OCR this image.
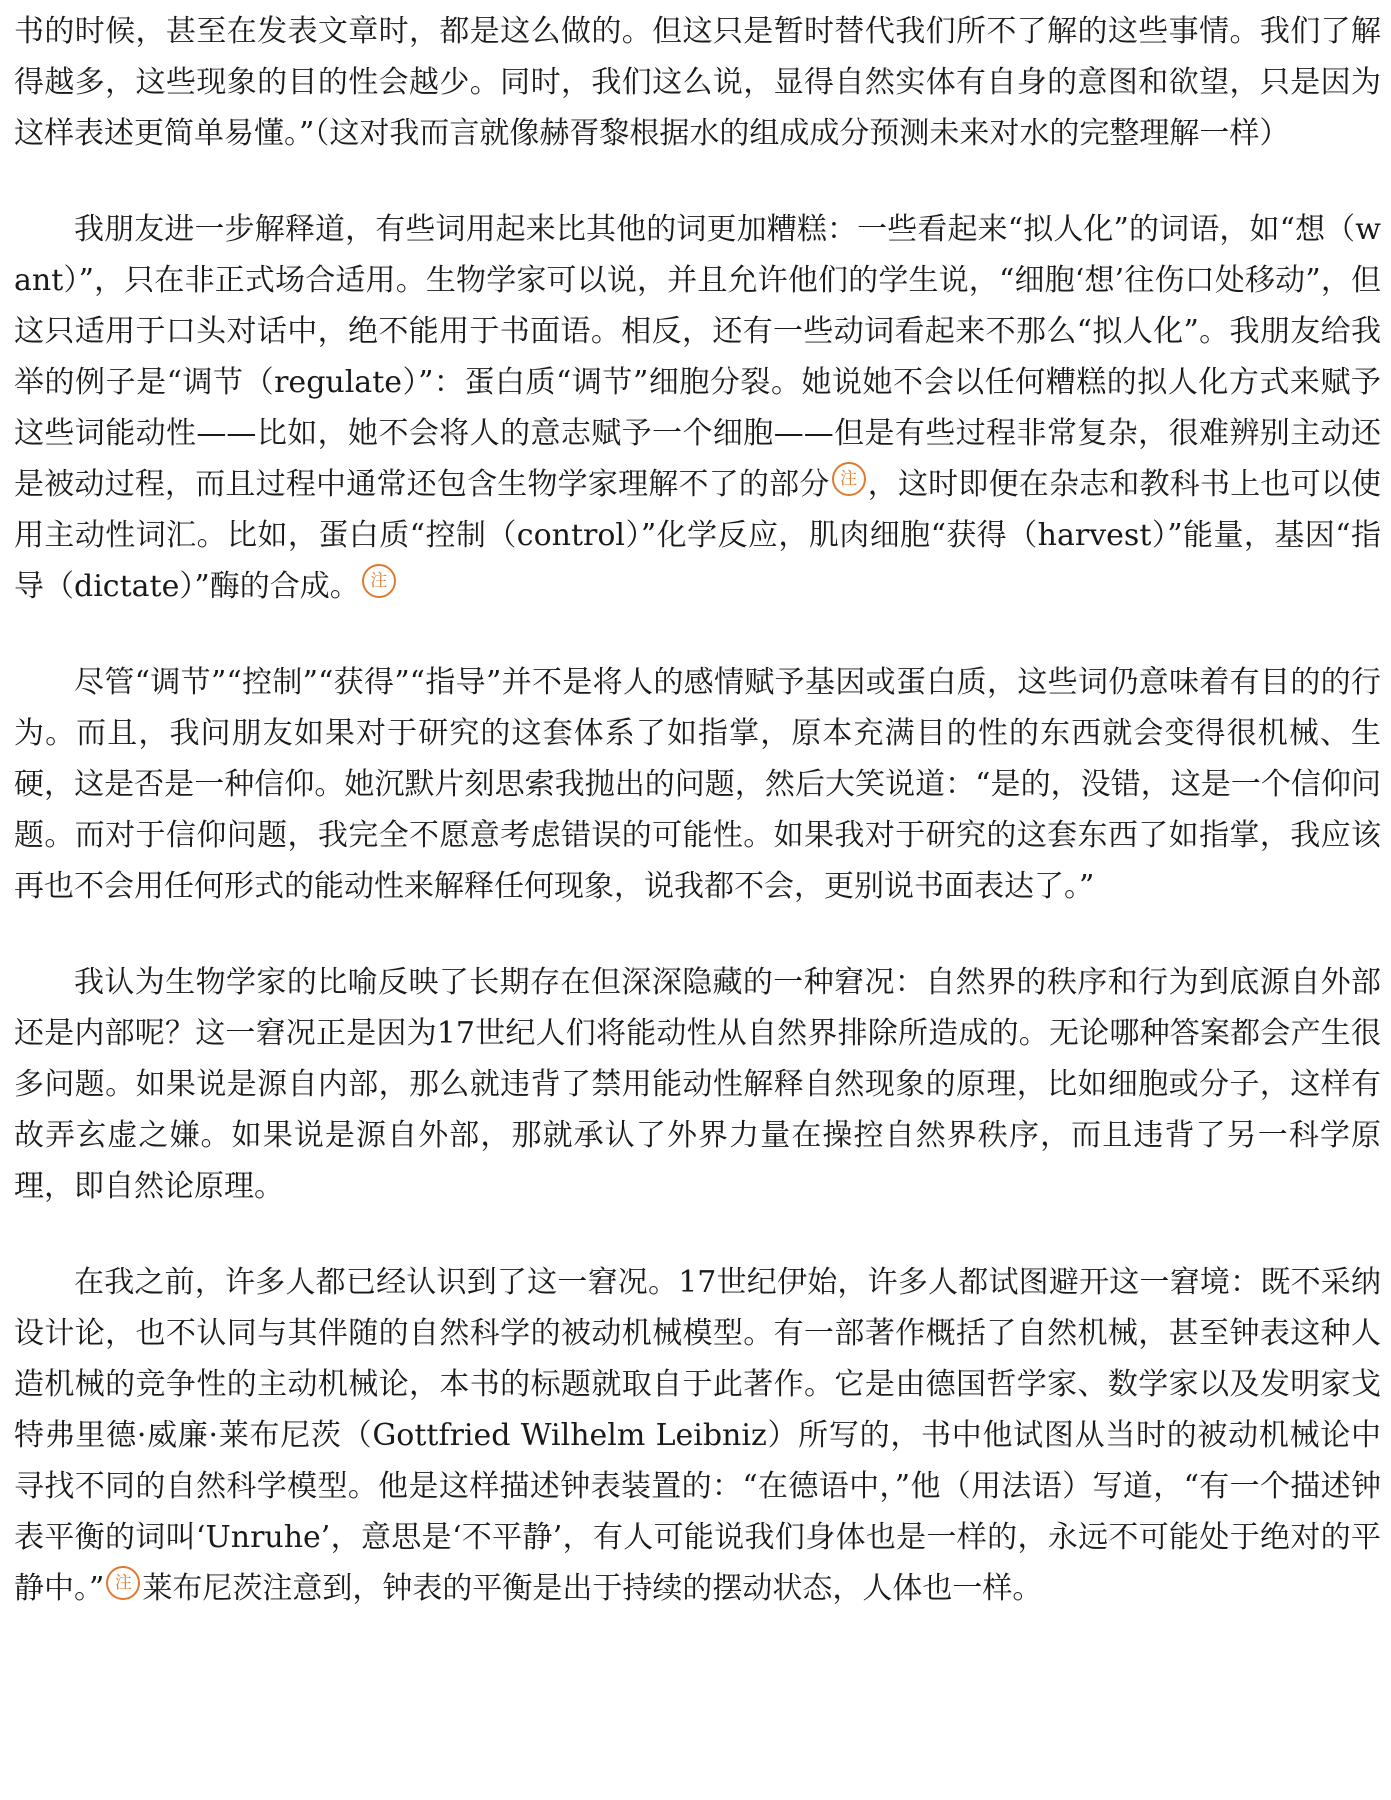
书的时候，甚至在发表文章时，都是这么做的。但这只是暂时替代我们所不了解的这些事情。我们了解得越多，这些现象的目的性会越少。同时，我们这么说，显得自然实体有自身的意图和欲望，只是因为这样表述更简单易懂。”（这对我而言就像赫胥黎根据水的组成成分预测未来对水的完整理解一样）

我朋友进一步解释道，有些词用起来比其他的词更加糟糕：一些看起来“拟人化”的词语，如“想（want）”，只在非正式场合适用。生物学家可以说，并且允许他们的学生说，“细胞‘想’往伤口处移动”，但这只适用于口头对话中，绝不能用于书面语。相反，还有一些动词看起来不那么“拟人化”。我朋友给我举的例子是“调节（regulate）”：蛋白质“调节”细胞分裂。她说她不会以任何糟糕的拟人化方式来赋予这些词能动性——比如，她不会将人的意志赋予一个细胞——但是有些过程非常复杂，很难辨别主动还是被动过程，而且过程中通常还包含生物学家理解不了的部分 注 ，这时即便在杂志和教科书上也可以使用主动性词汇。比如，蛋白质“控制（control）”化学反应，肌肉细胞“获得（harvest）”能量，基因“指导（dictate）”酶的合成。 注

尽管“调节”“控制”“获得”“指导”并不是将人的感情赋予基因或蛋白质，这些词仍意味着有目的的行为。而且，我问朋友如果对于研究的这套体系了如指掌，原本充满目的性的东西就会变得很机械、生硬，这是否是一种信仰。她沉默片刻思索我抛出的问题，然后大笑说道：“是的，没错，这是一个信仰问题。而对于信仰问题，我完全不愿意考虑错误的可能性。如果我对于研究的这套东西了如指掌，我应该再也不会用任何形式的能动性来解释任何现象，说我都不会，更别说书面表达了。”

我认为生物学家的比喻反映了长期存在但深深隐藏的一种窘况：自然界的秩序和行为到底源自外部还是内部呢？这一窘况正是因为17世纪人们将能动性从自然界排除所造成的。无论哪种答案都会产生很多问题。如果说是源自内部，那么就违背了禁用能动性解释自然现象的原理，比如细胞或分子，这样有故弄玄虚之嫌。如果说是源自外部，那就承认了外界力量在操控自然界秩序，而且违背了另一科学原理，即自然论原理。

在我之前，许多人都已经认识到了这一窘况。17世纪伊始，许多人都试图避开这一窘境：既不采纳设计论，也不认同与其伴随的自然科学的被动机械模型。有一部著作概括了自然机械，甚至钟表这种人造机械的竞争性的主动机械论，本书的标题就取自于此著作。它是由德国哲学家、数学家以及发明家戈特弗里德·威廉·莱布尼茨（Gottfried Wilhelm Leibniz）所写的，书中他试图从当时的被动机械论中寻找不同的自然科学模型。他是这样描述钟表装置的：“在德语中，”他（用法语）写道，“有一个描述钟表平衡的词叫‘Unruhe’，意思是‘不平静’，有人可能说我们身体也是一样的，永远不可能处于绝对的平静中。” 注 莱布尼茨注意到，钟表的平衡是出于持续的摆动状态，人体也一样。
